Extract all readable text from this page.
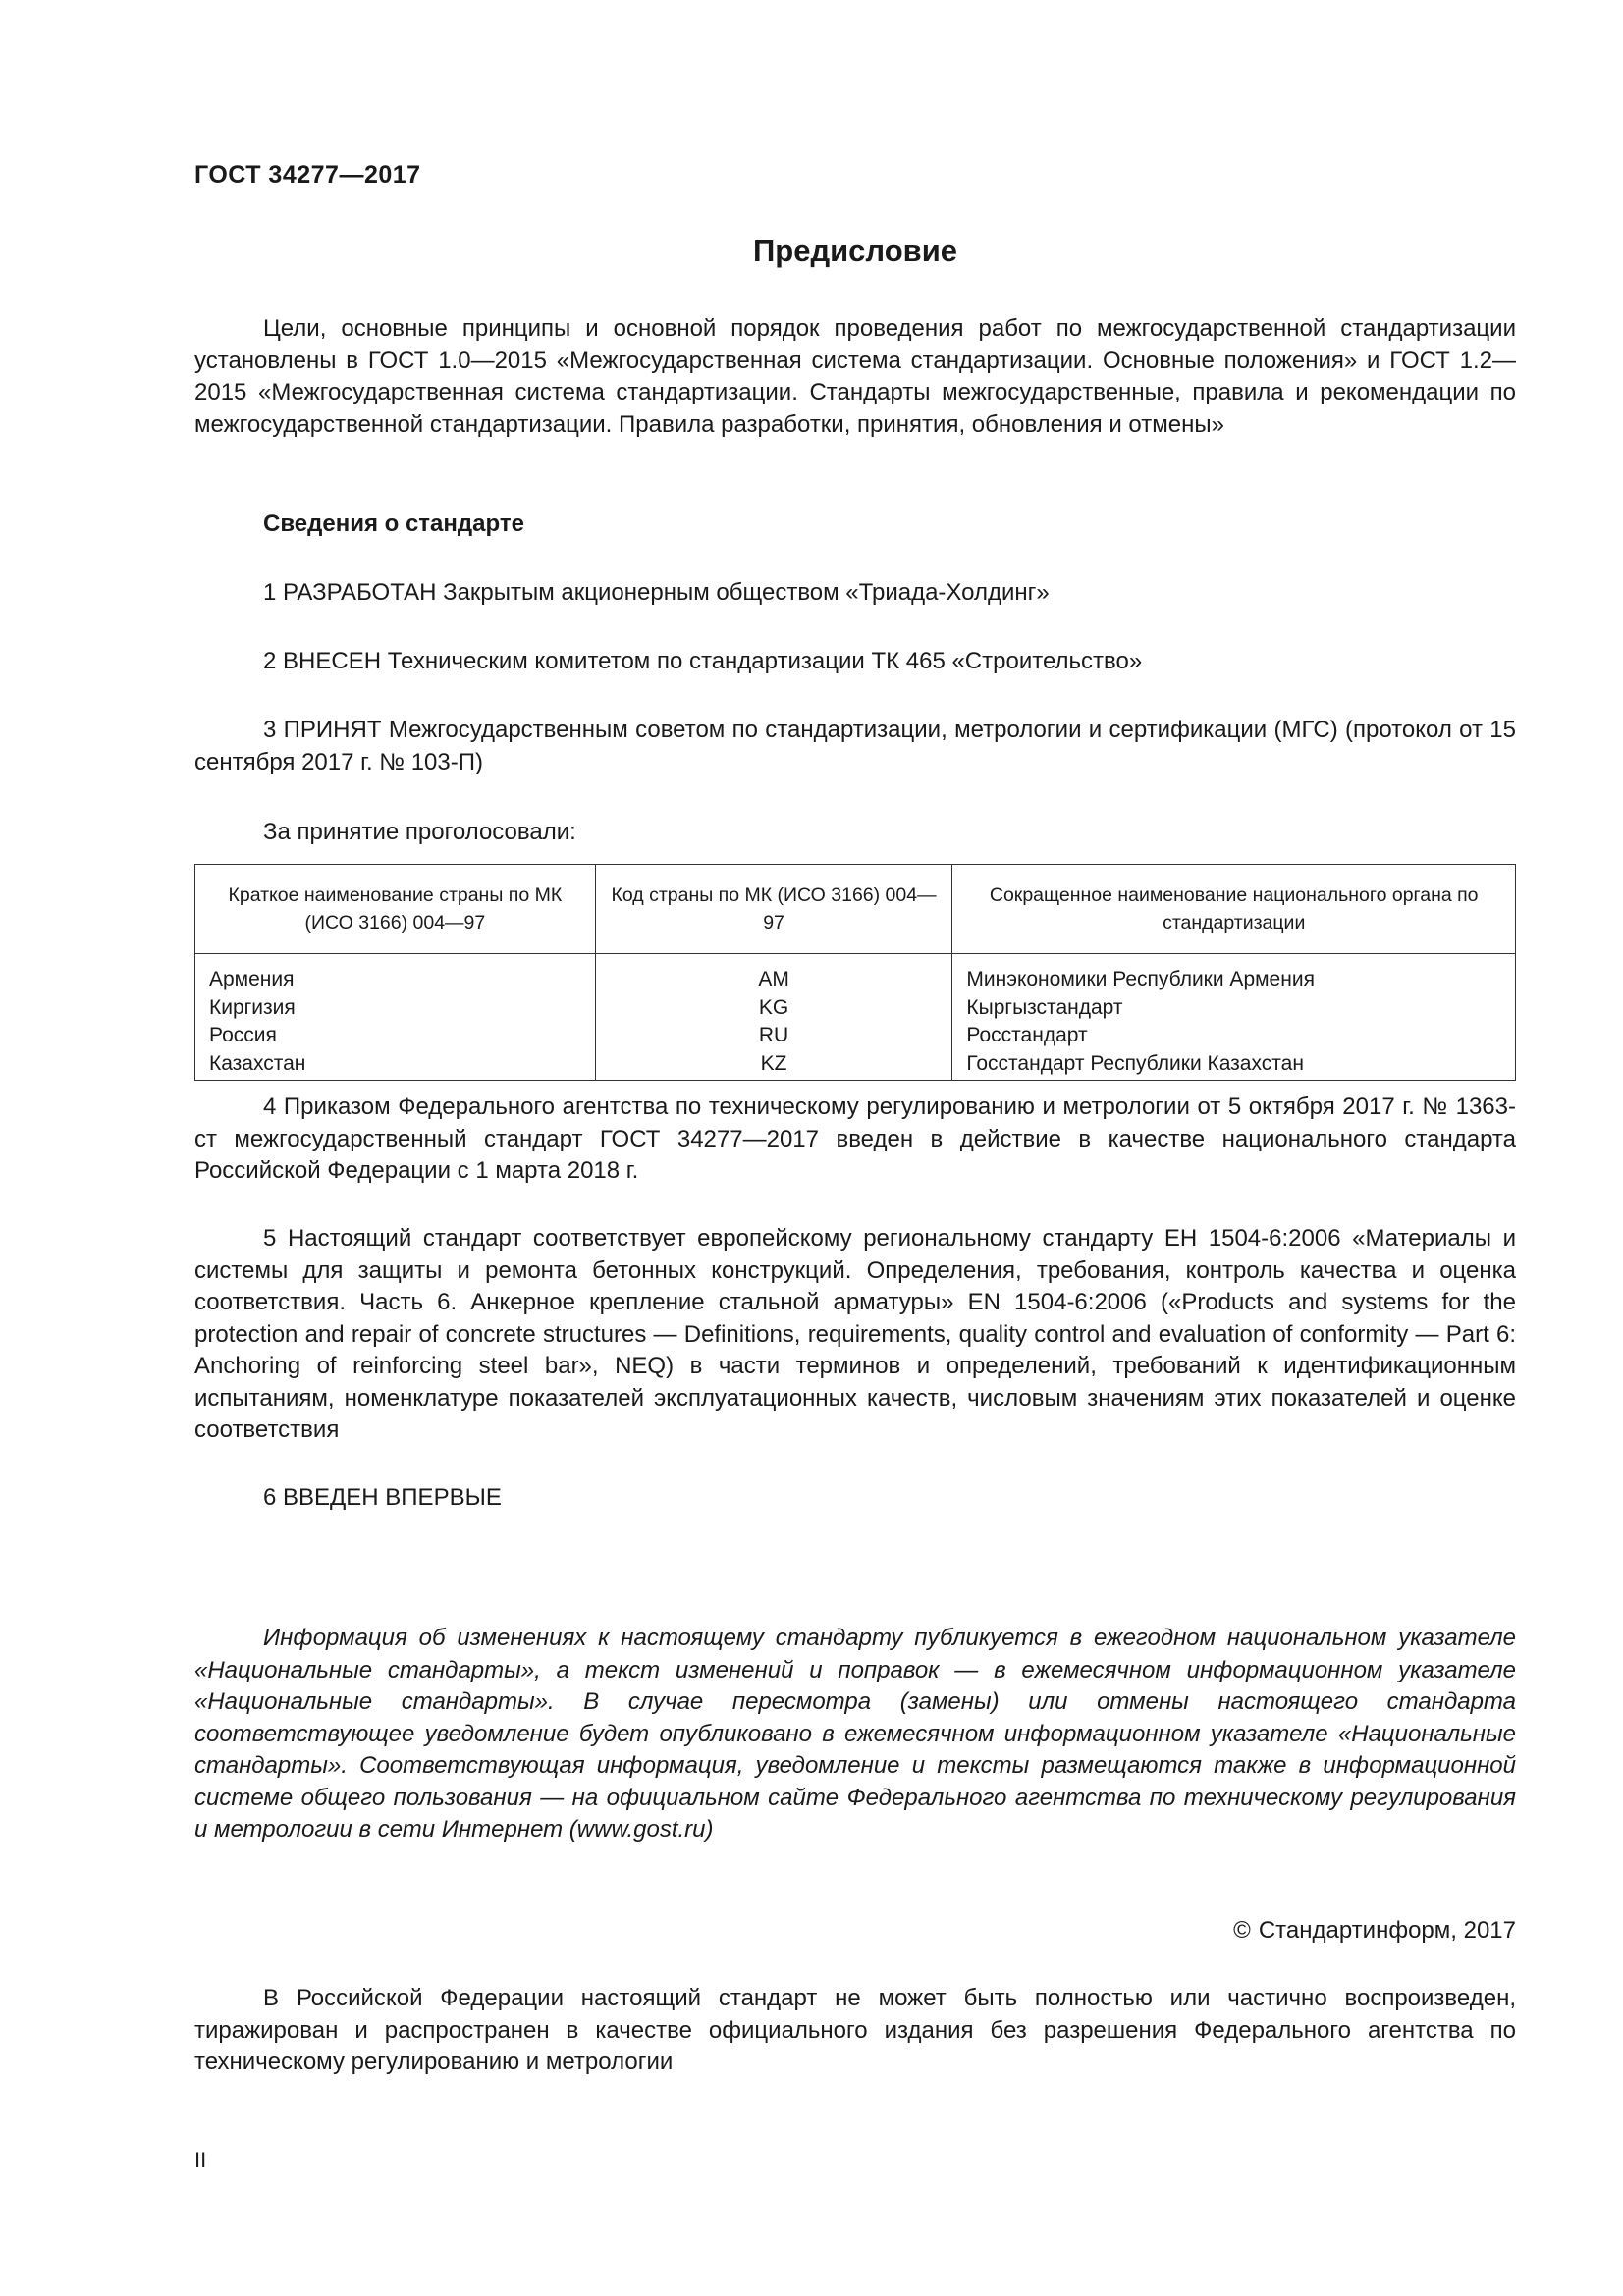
ГОСТ 34277—2017
Предисловие

Цели, основные принципы и основной порядок проведения работ по межгосударственной стандартизации установлены в ГОСТ 1.0—2015 «Межгосударственная система стандартизации. Основные положения» и ГОСТ 1.2—2015 «Межгосударственная система стандартизации. Стандарты межгосударственные, правила и рекомендации по межгосударственной стандартизации. Правила разработки, принятия, обновления и отмены»

Сведения о стандарте
1 РАЗРАБОТАН Закрытым акционерным обществом «Триада-Холдинг»
2 ВНЕСЕН Техническим комитетом по стандартизации ТК 465 «Строительство»

3 ПРИНЯТ Межгосударственным советом по стандартизации, метрологии и сертификации (МГС) (протокол от 15 сентября 2017 г. № 103-П)

За принятие проголосовали:
Краткое наименование страны по МК (ИСО 3166) 004—97	Код страны по МК (ИСО 3166) 004—97	Сокращенное наименование национального органа по стандартизации
Армения	AM	Минэкономики Республики Армения
Киргизия	KG	Кыргызстандарт
Россия	RU	Росстандарт
Казахстан	KZ	Госстандарт Республики Казахстан

4 Приказом Федерального агентства по техническому регулированию и метрологии от 5 октября 2017 г. № 1363-ст межгосударственный стандарт ГОСТ 34277—2017 введен в действие в качестве национального стандарта Российской Федерации с 1 марта 2018 г.

5 Настоящий стандарт соответствует европейскому региональному стандарту ЕН 1504-6:2006 «Материалы и системы для защиты и ремонта бетонных конструкций. Определения, требования, контроль качества и оценка соответствия. Часть 6. Анкерное крепление стальной арматуры» EN 1504-6:2006 («Products and systems for the protection and repair of concrete structures — Definitions, requirements, quality control and evaluation of conformity — Part 6: Anchoring of reinforcing steel bar», NEQ) в части терминов и определений, требований к идентификационным испытаниям, номенклатуре показателей эксплуатационных качеств, числовым значениям этих показателей и оценке соответствия

6 ВВЕДЕН ВПЕРВЫЕ

Информация об изменениях к настоящему стандарту публикуется в ежегодном национальном указателе «Национальные стандарты», а текст изменений и поправок — в ежемесячном информационном указателе «Национальные стандарты». В случае пересмотра (замены) или отмены настоящего стандарта соответствующее уведомление будет опубликовано в ежемесячном информационном указателе «Национальные стандарты». Соответствующая информация, уведомление и тексты размещаются также в информационной системе общего пользования — на официальном сайте Федерального агентства по техническому регулирования и метрологии в сети Интернет (www.gost.ru)

© Стандартинформ, 2017

В Российской Федерации настоящий стандарт не может быть полностью или частично воспроизведен, тиражирован и распространен в качестве официального издания без разрешения Федерального агентства по техническому регулированию и метрологии

II
